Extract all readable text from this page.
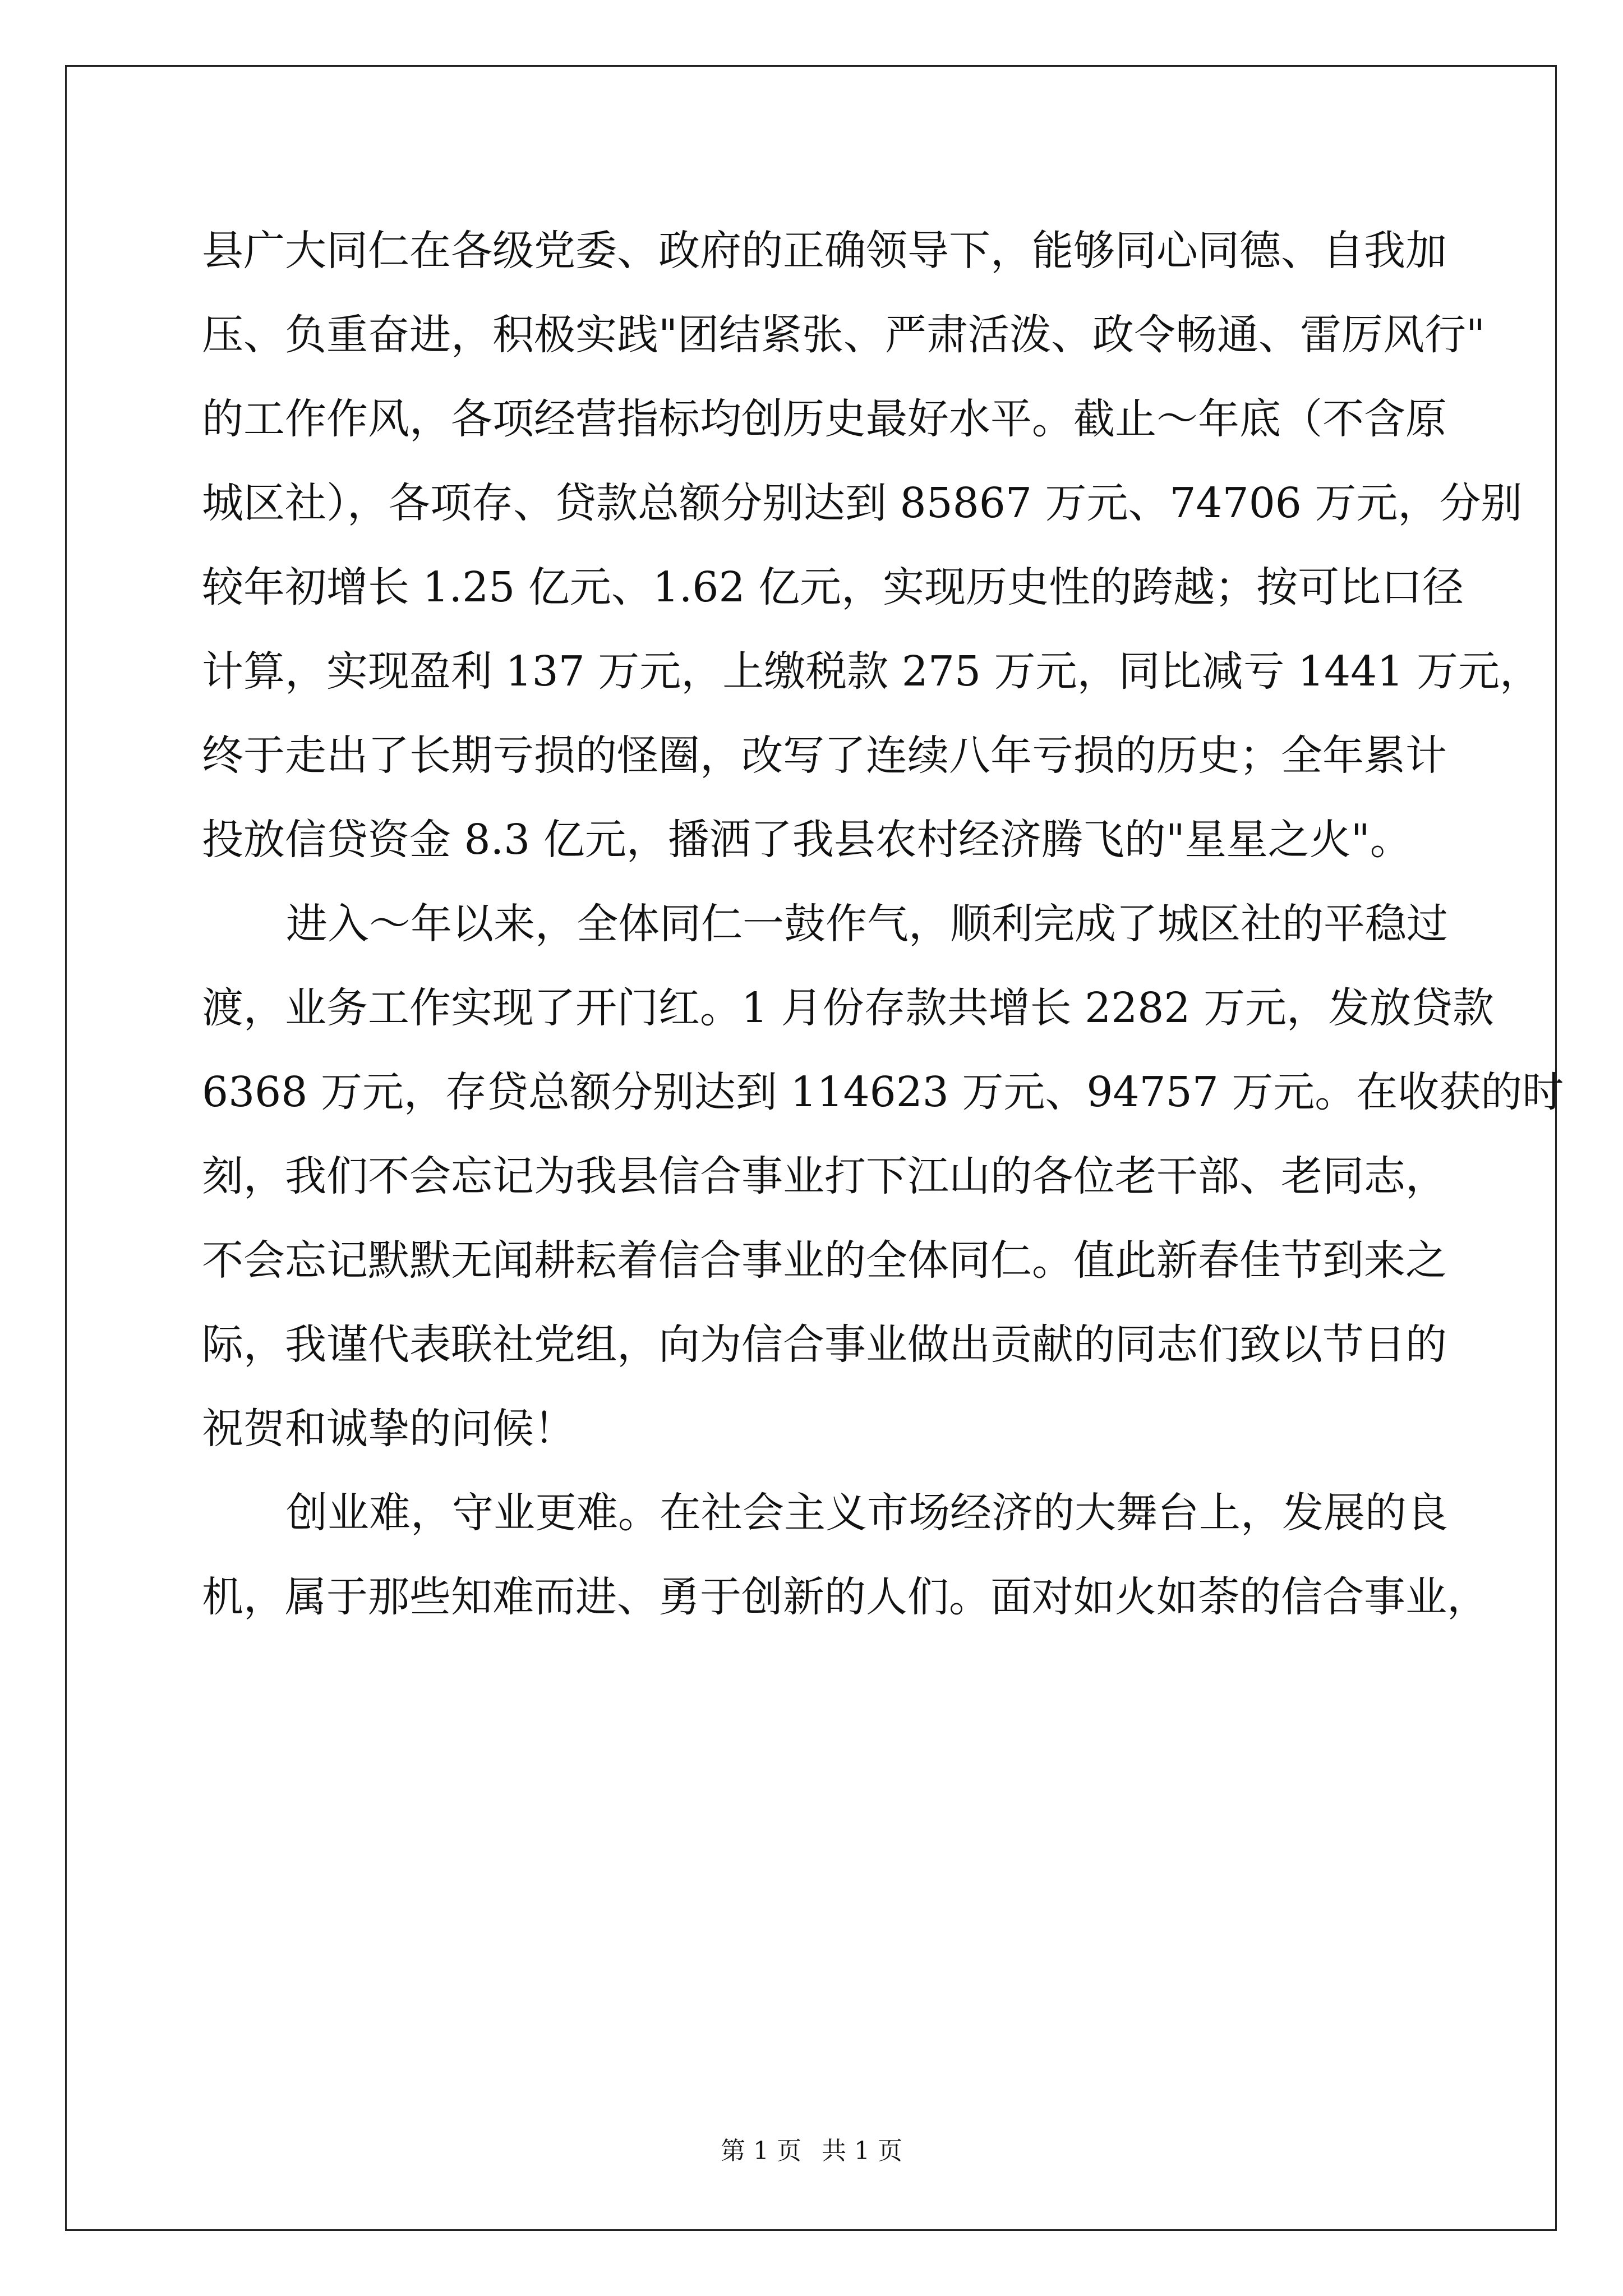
县广大同仁在各级党委、政府的正确领导下，能够同心同德、自我加
压、负重奋进，积极实践"团结紧张、严肃活泼、政令畅通、雷厉风行"
的工作作风，各项经营指标均创历史最好水平。截止～年底（不含原
城区社），各项存、贷款总额分别达到 85867 万元、74706 万元，分别
较年初增长 1.25 亿元、1.62 亿元，实现历史性的跨越；按可比口径
计算，实现盈利 137 万元，上缴税款 275 万元，同比减亏 1441 万元，
终于走出了长期亏损的怪圈，改写了连续八年亏损的历史；全年累计
投放信贷资金 8.3 亿元，播洒了我县农村经济腾飞的"星星之火"。
进入～年以来，全体同仁一鼓作气，顺利完成了城区社的平稳过
渡，业务工作实现了开门红。1 月份存款共增长 2282 万元，发放贷款
6368 万元，存贷总额分别达到 114623 万元、94757 万元。在收获的时
刻，我们不会忘记为我县信合事业打下江山的各位老干部、老同志，
不会忘记默默无闻耕耘着信合事业的全体同仁。值此新春佳节到来之
际，我谨代表联社党组，向为信合事业做出贡献的同志们致以节日的
祝贺和诚挚的问候！
创业难，守业更难。在社会主义市场经济的大舞台上，发展的良
机，属于那些知难而进、勇于创新的人们。面对如火如荼的信合事业，
第 1 页 共 1 页
